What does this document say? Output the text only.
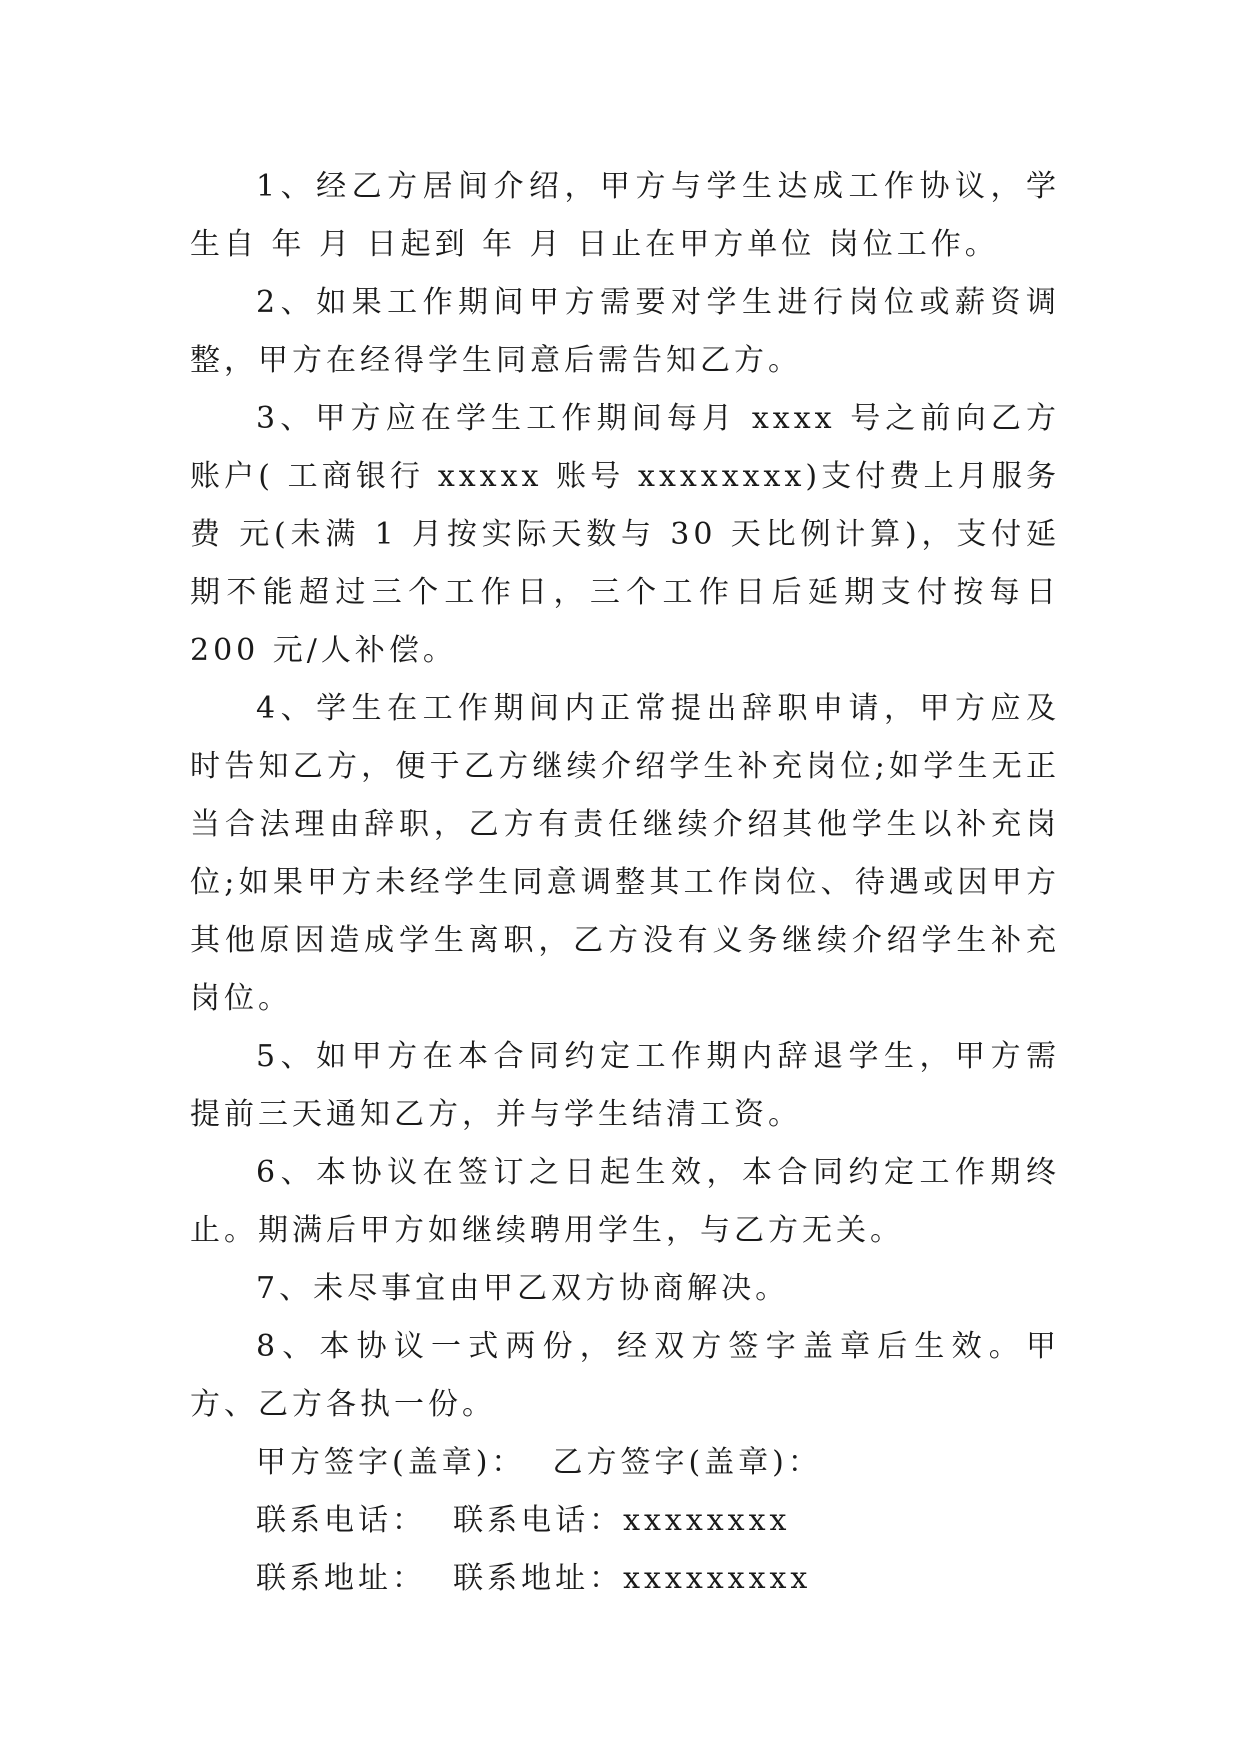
1、经乙方居间介绍，甲方与学生达成工作协议，学生自 年 月 日起到 年 月 日止在甲方单位 岗位工作。

2、如果工作期间甲方需要对学生进行岗位或薪资调整，甲方在经得学生同意后需告知乙方。

3、甲方应在学生工作期间每月 xxxx 号之前向乙方账户( 工商银行 xxxxx 账号 xxxxxxxx)支付费上月服务费 元(未满 1 月按实际天数与 30 天比例计算)，支付延期不能超过三个工作日，三个工作日后延期支付按每日 200 元/人补偿。

4、学生在工作期间内正常提出辞职申请，甲方应及时告知乙方，便于乙方继续介绍学生补充岗位;如学生无正当合法理由辞职，乙方有责任继续介绍其他学生以补充岗位;如果甲方未经学生同意调整其工作岗位、待遇或因甲方其他原因造成学生离职，乙方没有义务继续介绍学生补充岗位。

5、如甲方在本合同约定工作期内辞退学生，甲方需提前三天通知乙方，并与学生结清工资。

6、本协议在签订之日起生效，本合同约定工作期终止。期满后甲方如继续聘用学生，与乙方无关。

7、未尽事宜由甲乙双方协商解决。

8、本协议一式两份，经双方签字盖章后生效。甲方、乙方各执一份。

甲方签字(盖章)：  乙方签字(盖章)：

联系电话：  联系电话：xxxxxxxx

联系地址：  联系地址：xxxxxxxxx
